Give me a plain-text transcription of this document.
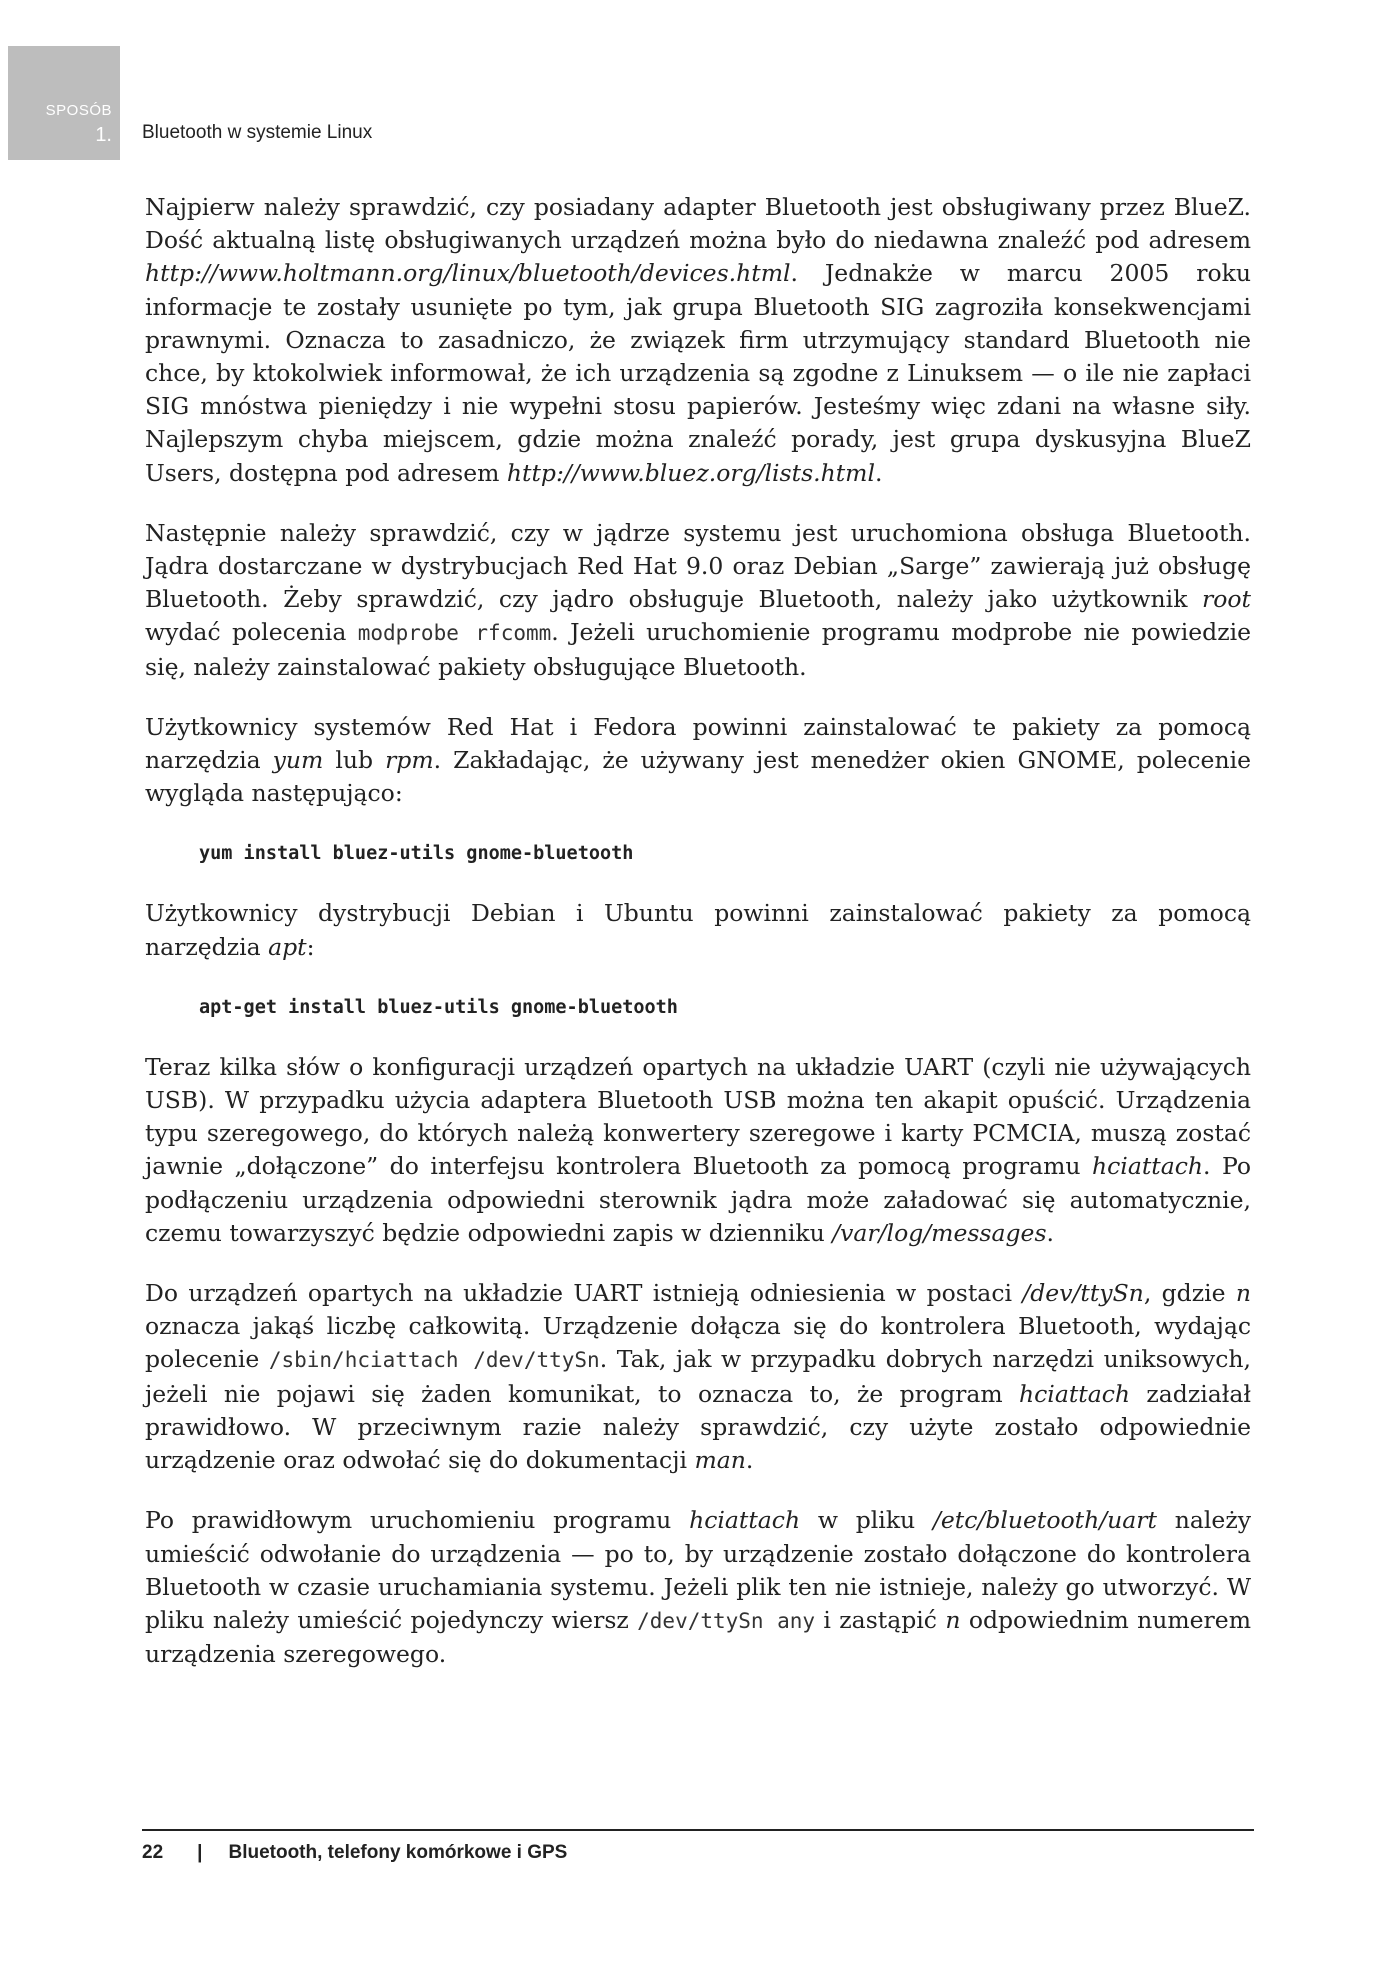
SPOSÓB
1. Bluetooth w systemie Linux

Najpierw należy sprawdzić, czy posiadany adapter Bluetooth jest obsługiwany przez BlueZ. Dość aktualną listę obsługiwanych urządzeń można było do niedawna znaleźć pod adresem http://www.holtmann.org/linux/bluetooth/devices.html. Jednakże w marcu 2005 roku informacje te zostały usunięte po tym, jak grupa Bluetooth SIG zagroziła konsekwencjami prawnymi. Oznacza to zasadniczo, że związek firm utrzymujący standard Bluetooth nie chce, by ktokolwiek informował, że ich urządzenia są zgodne z Linuksem — o ile nie zapłaci SIG mnóstwa pieniędzy i nie wypełni stosu papierów. Jesteśmy więc zdani na własne siły. Najlepszym chyba miejscem, gdzie można znaleźć porady, jest grupa dyskusyjna BlueZ Users, dostępna pod adresem http://www.bluez.org/lists.html.

Następnie należy sprawdzić, czy w jądrze systemu jest uruchomiona obsługa Bluetooth. Jądra dostarczane w dystrybucjach Red Hat 9.0 oraz Debian „Sarge” zawierają już obsługę Bluetooth. Żeby sprawdzić, czy jądro obsługuje Bluetooth, należy jako użytkownik root wydać polecenia modprobe rfcomm. Jeżeli uruchomienie programu modprobe nie powiedzie się, należy zainstalować pakiety obsługujące Bluetooth.

Użytkownicy systemów Red Hat i Fedora powinni zainstalować te pakiety za pomocą narzędzia yum lub rpm. Zakładając, że używany jest menedżer okien GNOME, polecenie wygląda następująco:

yum install bluez-utils gnome-bluetooth

Użytkownicy dystrybucji Debian i Ubuntu powinni zainstalować pakiety za pomocą narzędzia apt:

apt-get install bluez-utils gnome-bluetooth

Teraz kilka słów o konfiguracji urządzeń opartych na układzie UART (czyli nie używających USB). W przypadku użycia adaptera Bluetooth USB można ten akapit opuścić. Urządzenia typu szeregowego, do których należą konwertery szeregowe i karty PCMCIA, muszą zostać jawnie „dołączone” do interfejsu kontrolera Bluetooth za pomocą programu hciattach. Po podłączeniu urządzenia odpowiedni sterownik jądra może załadować się automatycznie, czemu towarzyszyć będzie odpowiedni zapis w dzienniku /var/log/messages.

Do urządzeń opartych na układzie UART istnieją odniesienia w postaci /dev/ttySn, gdzie n oznacza jakąś liczbę całkowitą. Urządzenie dołącza się do kontrolera Bluetooth, wydając polecenie /sbin/hciattach /dev/ttySn. Tak, jak w przypadku dobrych narzędzi uniksowych, jeżeli nie pojawi się żaden komunikat, to oznacza to, że program hciattach zadziałał prawidłowo. W przeciwnym razie należy sprawdzić, czy użyte zostało odpowiednie urządzenie oraz odwołać się do dokumentacji man.

Po prawidłowym uruchomieniu programu hciattach w pliku /etc/bluetooth/uart należy umieścić odwołanie do urządzenia — po to, by urządzenie zostało dołączone do kontrolera Bluetooth w czasie uruchamiania systemu. Jeżeli plik ten nie istnieje, należy go utworzyć. W pliku należy umieścić pojedynczy wiersz /dev/ttySn any i zastąpić n odpowiednim numerem urządzenia szeregowego.

22 | Bluetooth, telefony komórkowe i GPS
